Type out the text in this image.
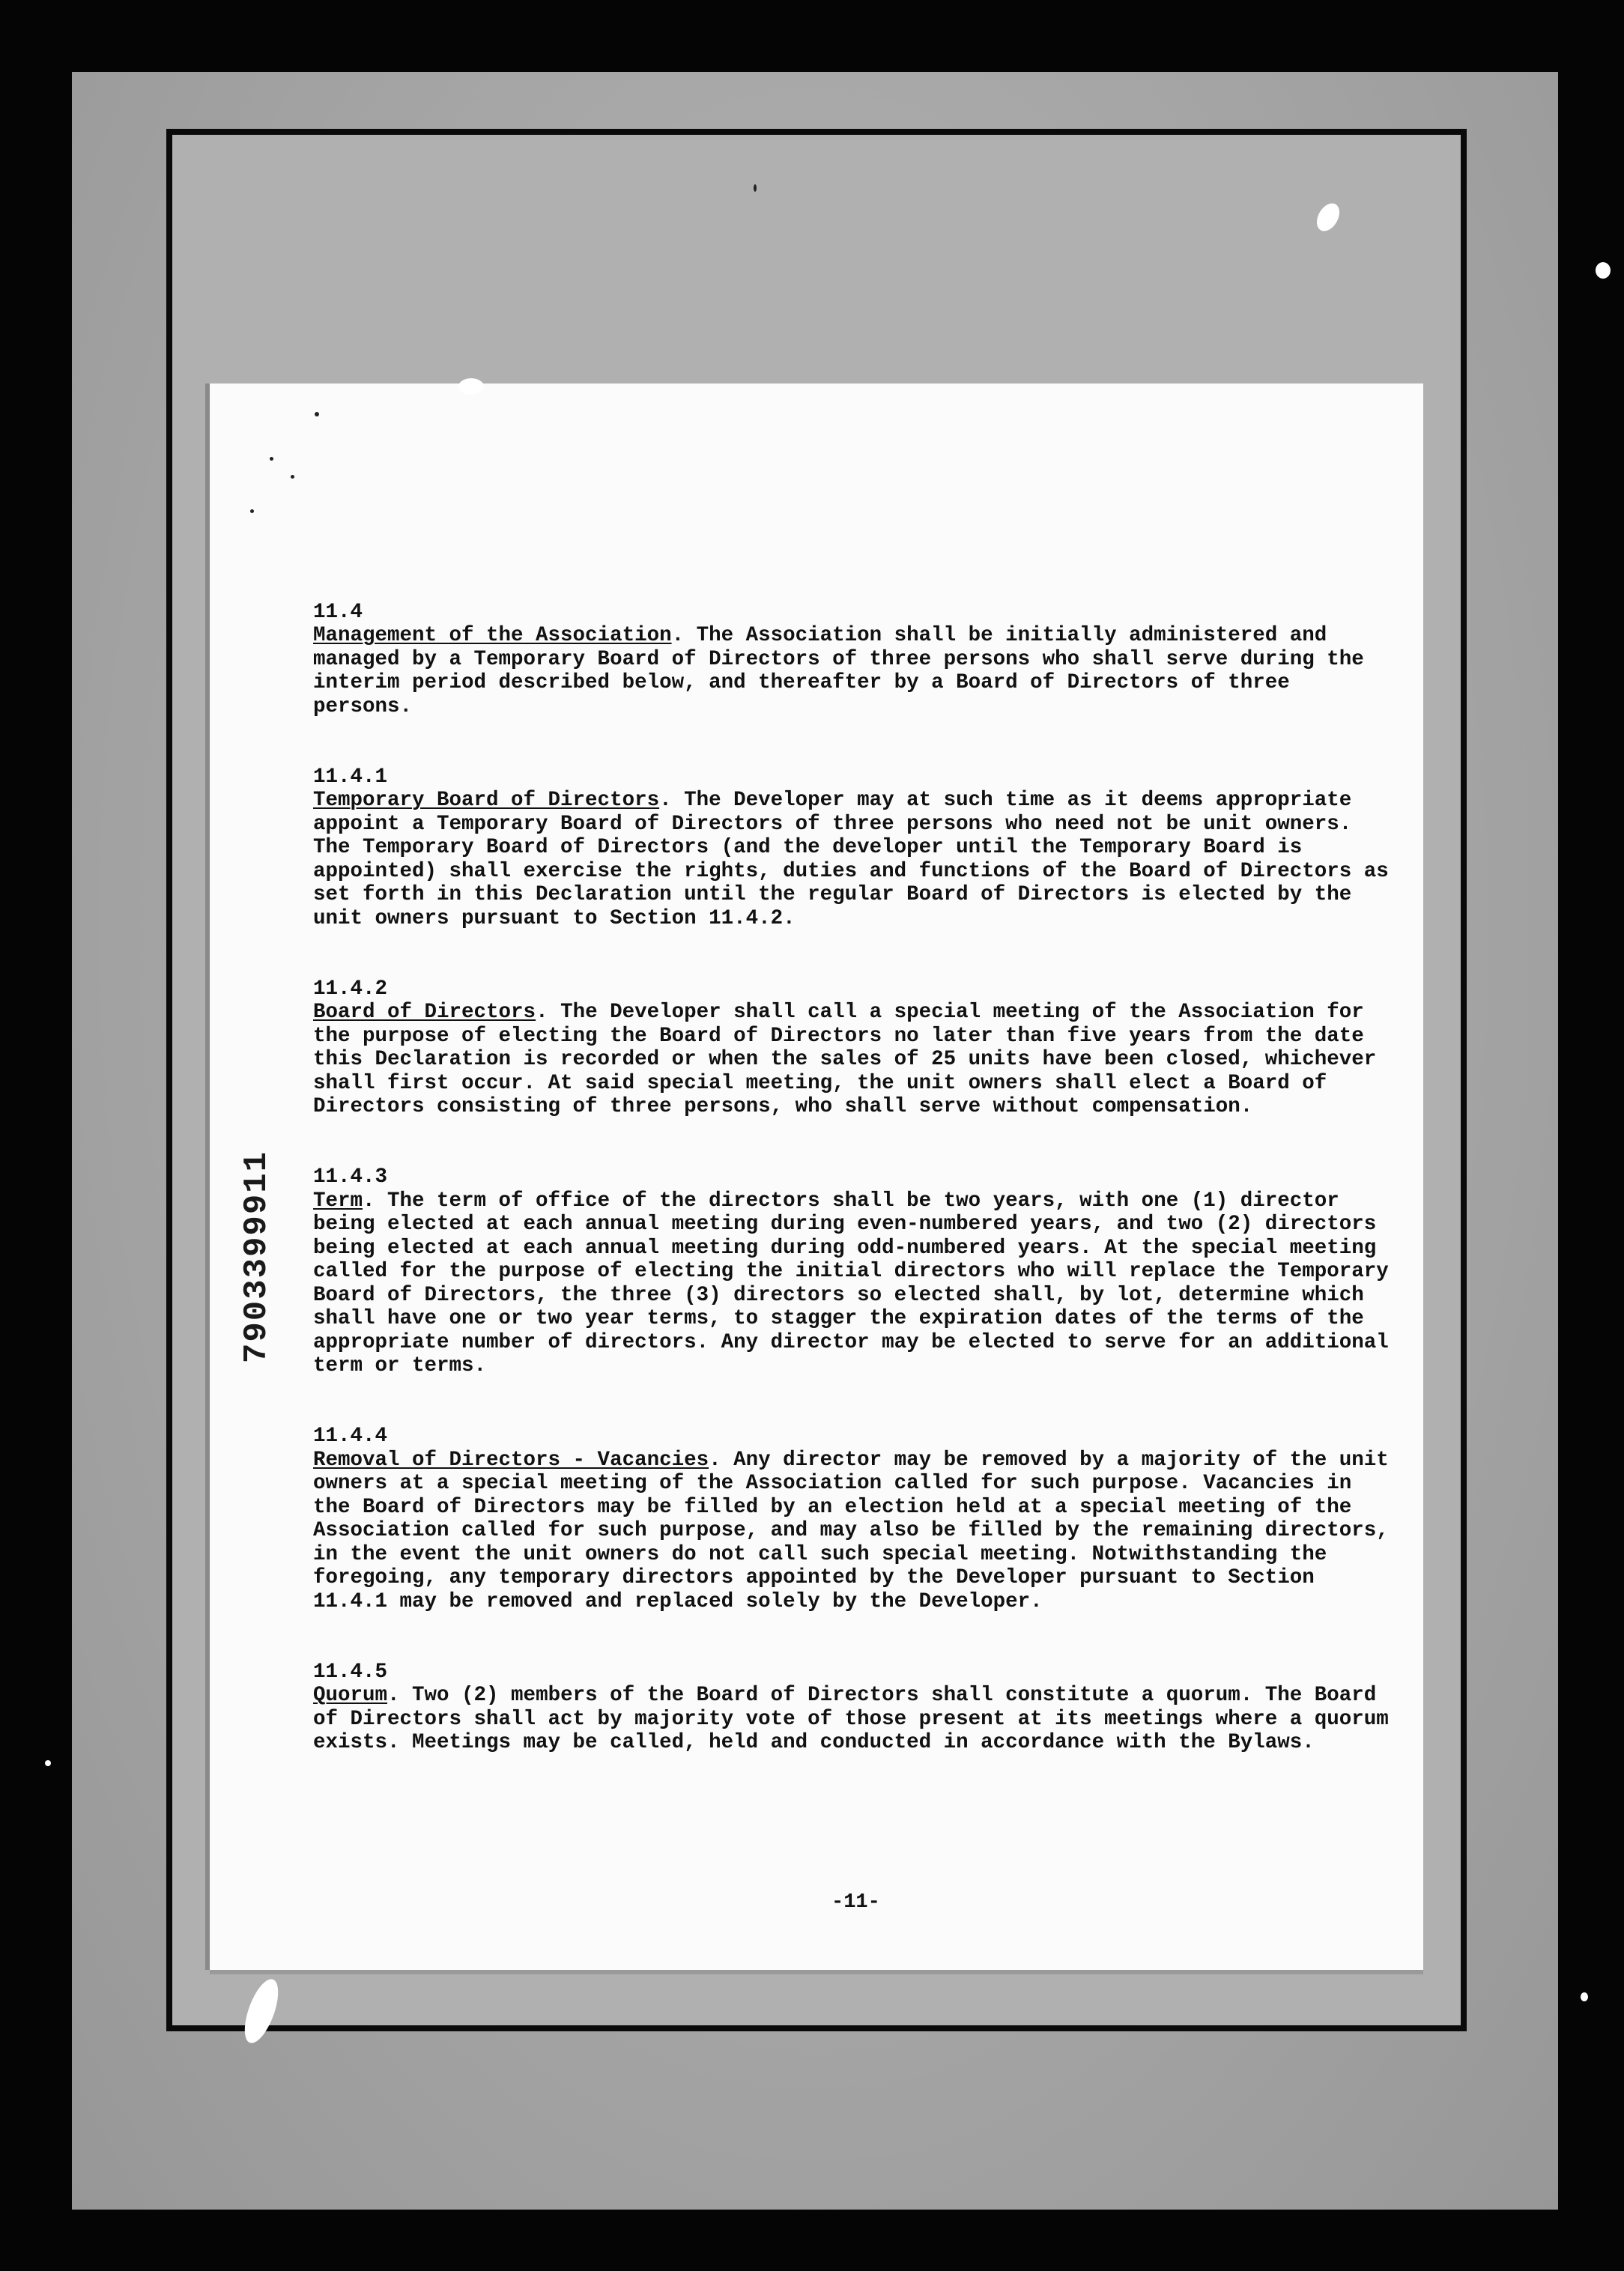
7903399911

11.4
Management of the Association. The Association shall be initially administered and managed by a Temporary Board of Directors of three persons who shall serve during the interim period described below, and thereafter by a Board of Directors of three persons.

11.4.1
Temporary Board of Directors. The Developer may at such time as it deems appropriate appoint a Temporary Board of Directors of three persons who need not be unit owners. The Temporary Board of Directors (and the developer until the Temporary Board is appointed) shall exercise the rights, duties and functions of the Board of Directors as set forth in this Declaration until the regular Board of Directors is elected by the unit owners pursuant to Section 11.4.2.

11.4.2
Board of Directors. The Developer shall call a special meeting of the Association for the purpose of electing the Board of Directors no later than five years from the date this Declaration is recorded or when the sales of 25 units have been closed, whichever shall first occur. At said special meeting, the unit owners shall elect a Board of Directors consisting of three persons, who shall serve without compensation.

11.4.3
Term. The term of office of the directors shall be two years, with one (1) director being elected at each annual meeting during even-numbered years, and two (2) directors being elected at each annual meeting during odd-numbered years. At the special meeting called for the purpose of electing the initial directors who will replace the Temporary Board of Directors, the three (3) directors so elected shall, by lot, determine which shall have one or two year terms, to stagger the expiration dates of the terms of the appropriate number of directors. Any director may be elected to serve for an additional term or terms.

11.4.4
Removal of Directors - Vacancies. Any director may be removed by a majority of the unit owners at a special meeting of the Association called for such purpose. Vacancies in the Board of Directors may be filled by an election held at a special meeting of the Association called for such purpose, and may also be filled by the remaining directors, in the event the unit owners do not call such special meeting. Notwithstanding the foregoing, any temporary directors appointed by the Developer pursuant to Section 11.4.1 may be removed and replaced solely by the Developer.

11.4.5
Quorum. Two (2) members of the Board of Directors shall constitute a quorum. The Board of Directors shall act by majority vote of those present at its meetings where a quorum exists. Meetings may be called, held and conducted in accordance with the Bylaws.

-11-
